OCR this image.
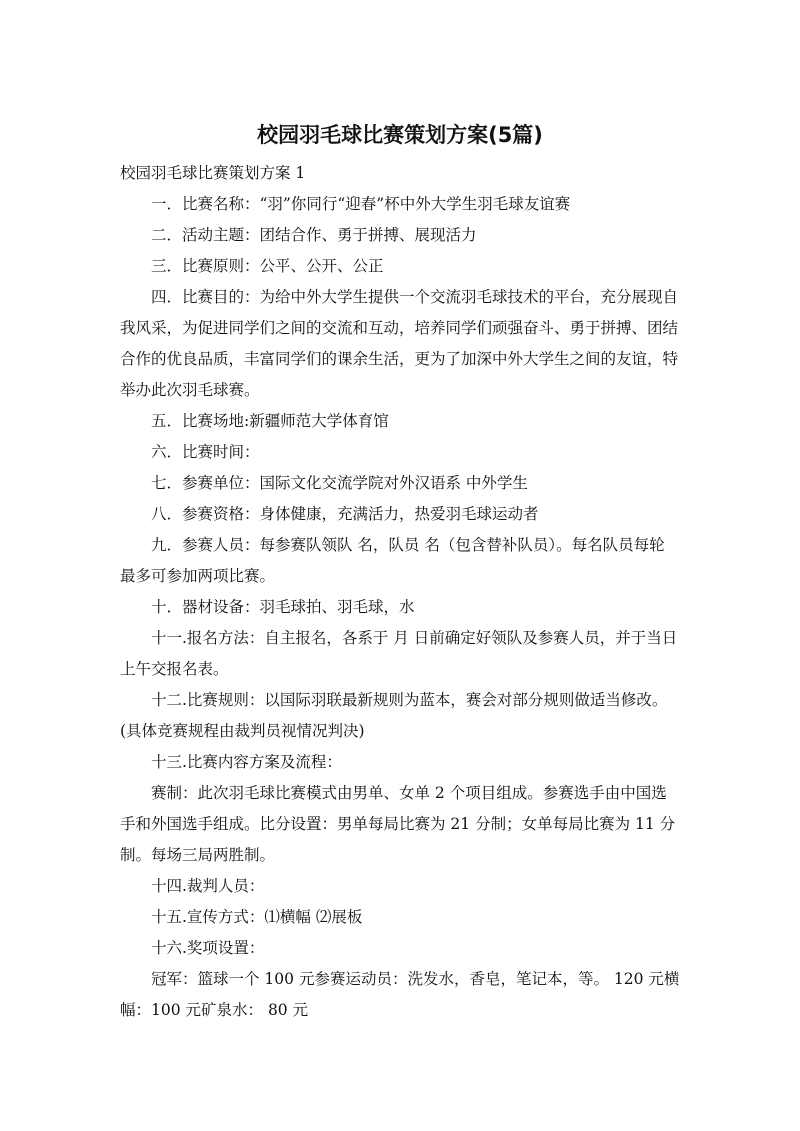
校园羽毛球比赛策划方案(5篇)

校园羽毛球比赛策划方案 1

一．比赛名称：“羽”你同行“迎春”杯中外大学生羽毛球友谊赛

二．活动主题：团结合作、勇于拼搏、展现活力

三．比赛原则：公平、公开、公正

四．比赛目的：为给中外大学生提供一个交流羽毛球技术的平台，充分展现自我风采，为促进同学们之间的交流和互动，培养同学们顽强奋斗、勇于拼搏、团结合作的优良品质，丰富同学们的课余生活，更为了加深中外大学生之间的友谊，特举办此次羽毛球赛。

五．比赛场地:新疆师范大学体育馆

六．比赛时间：

七．参赛单位：国际文化交流学院对外汉语系 中外学生

八．参赛资格：身体健康，充满活力，热爱羽毛球运动者

九．参赛人员：每参赛队领队 名，队员 名（包含替补队员）。每名队员每轮最多可参加两项比赛。

十．器材设备：羽毛球拍、羽毛球，水

十一.报名方法：自主报名，各系于 月 日前确定好领队及参赛人员，并于当日上午交报名表。

十二.比赛规则：以国际羽联最新规则为蓝本，赛会对部分规则做适当修改。(具体竞赛规程由裁判员视情况判决)

十三.比赛内容方案及流程：

赛制：此次羽毛球比赛模式由男单、女单 2 个项目组成。参赛选手由中国选手和外国选手组成。比分设置：男单每局比赛为 21 分制；女单每局比赛为 11 分制。每场三局两胜制。

十四.裁判人员：

十五.宣传方式：⑴横幅 ⑵展板

十六.奖项设置：

冠军：篮球一个 100 元参赛运动员：洗发水，香皂，笔记本，等。 120 元横幅：100 元矿泉水： 80 元
